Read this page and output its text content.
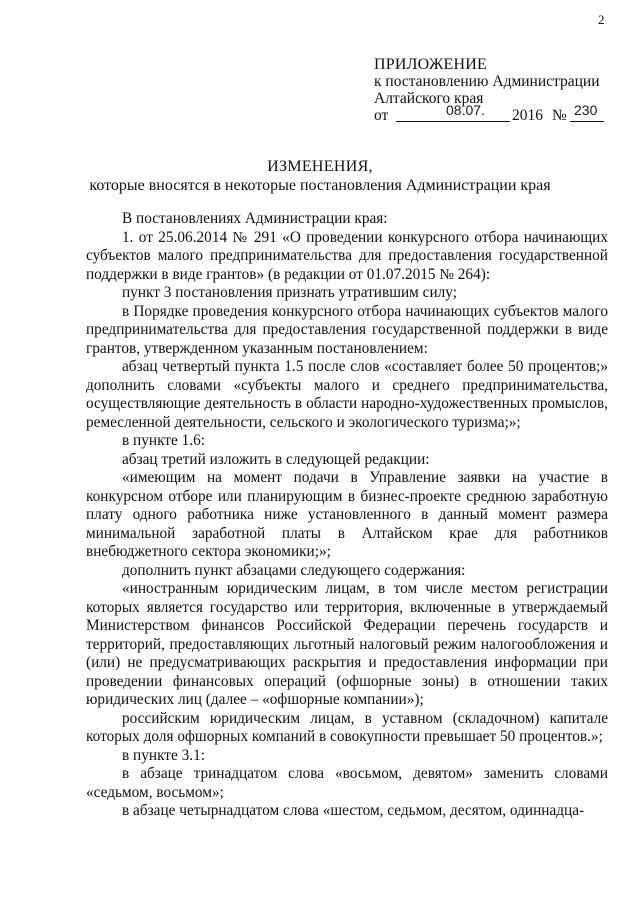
2
ПРИЛОЖЕНИЕ
к постановлению Администрации
Алтайского края
от	08.07. 2016 № 230
ИЗМЕНЕНИЯ,
которые вносятся в некоторые постановления Администрации края

В постановлениях Администрации края:

1. от 25.06.2014 № 291 «О проведении конкурсного отбора начинающих субъектов малого предпринимательства для предоставления государственной поддержки в виде грантов» (в редакции от 01.07.2015 № 264):

пункт 3 постановления признать утратившим силу;

в Порядке проведения конкурсного отбора начинающих субъектов малого предпринимательства для предоставления государственной поддержки в виде грантов, утвержденном указанным постановлением:

абзац четвертый пункта 1.5 после слов «составляет более 50 процентов;» дополнить словами «субъекты малого и среднего предпринимательства, осуществляющие деятельность в области народно-художественных промыслов, ремесленной деятельности, сельского и экологического туризма;»;

в пункте 1.6:

абзац третий изложить в следующей редакции:

«имеющим на момент подачи в Управление заявки на участие в конкурсном отборе или планирующим в бизнес-проекте среднюю заработную плату одного работника ниже установленного в данный момент размера минимальной заработной платы в Алтайском крае для работников внебюджетного сектора экономики;»;

дополнить пункт абзацами следующего содержания:

«иностранным юридическим лицам, в том числе местом регистрации которых является государство или территория, включенные в утверждаемый Министерством финансов Российской Федерации перечень государств и территорий, предоставляющих льготный налоговый режим налогообложения и (или) не предусматривающих раскрытия и предоставления информации при проведении финансовых операций (офшорные зоны) в отношении таких юридических лиц (далее – «офшорные компании»);

российским юридическим лицам, в уставном (складочном) капитале которых доля офшорных компаний в совокупности превышает 50 процентов.»;

в пункте 3.1:

в абзаце тринадцатом слова «восьмом, девятом» заменить словами «седьмом, восьмом»;

в абзаце четырнадцатом слова «шестом, седьмом, десятом, одиннадца-
